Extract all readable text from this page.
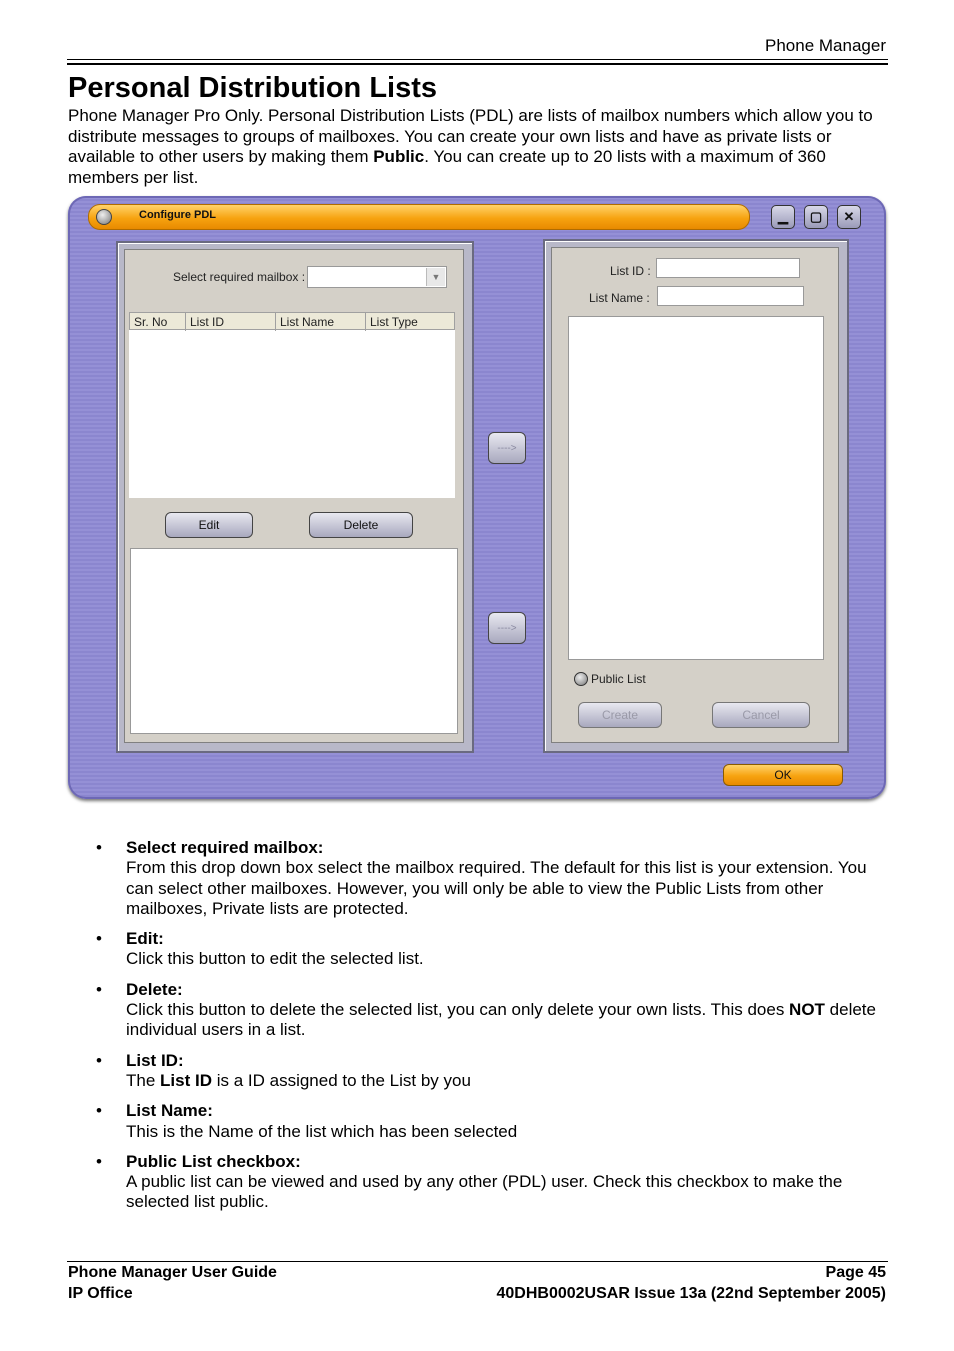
Phone Manager
Personal Distribution Lists

Phone Manager Pro Only. Personal Distribution Lists (PDL) are lists of mailbox numbers which allow you to distribute messages to groups of mailboxes. You can create your own lists and have as private lists or available to other users by making them Public. You can create up to 20 lists with a maximum of 360 members per list.

Configure PDL	▁ ▢ ✕
Select required mailbox :	▼
Sr. No	List ID	List Name	List Type
Edit	Delete
---->
---->
List ID :
List Name :
Public List
Create	Cancel
OK
• Select required mailbox:
From this drop down box select the mailbox required. The default for this list is your extension. You can select other mailboxes. However, you will only be able to view the Public Lists from other mailboxes, Private lists are protected.
• Edit:
Click this button to edit the selected list.
• Delete:
Click this button to delete the selected list, you can only delete your own lists. This does NOT delete individual users in a list.
• List ID:
The List ID is a ID assigned to the List by you
• List Name:
This is the Name of the list which has been selected
• Public List checkbox:
A public list can be viewed and used by any other (PDL) user. Check this checkbox to make the selected list public.
Phone Manager User Guide
IP Office
Page 45
40DHB0002USAR Issue 13a (22nd September 2005)
